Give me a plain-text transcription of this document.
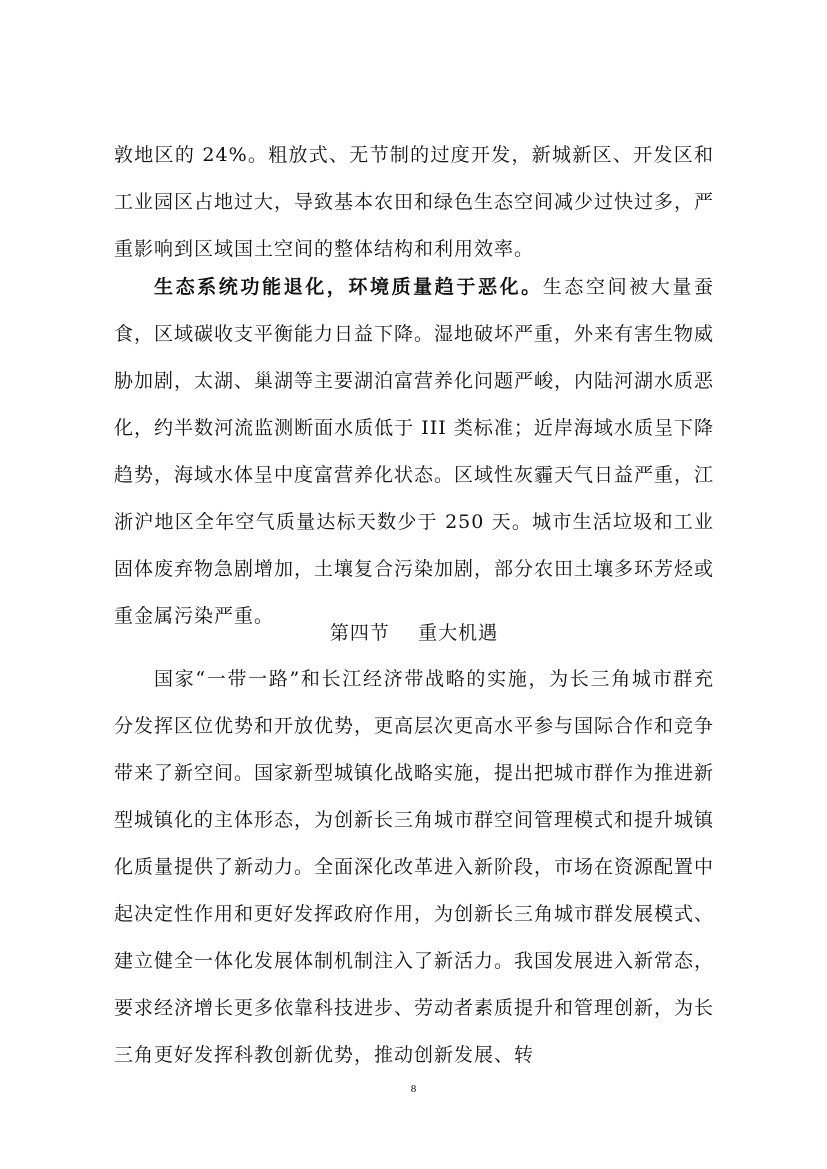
敦地区的 24%。粗放式、无节制的过度开发，新城新区、开发区和工业园区占地过大，导致基本农田和绿色生态空间减少过快过多，严重影响到区域国土空间的整体结构和利用效率。

生态系统功能退化，环境质量趋于恶化。生态空间被大量蚕食，区域碳收支平衡能力日益下降。湿地破坏严重，外来有害生物威胁加剧，太湖、巢湖等主要湖泊富营养化问题严峻，内陆河湖水质恶化，约半数河流监测断面水质低于 III 类标准；近岸海域水质呈下降趋势，海域水体呈中度富营养化状态。区域性灰霾天气日益严重，江浙沪地区全年空气质量达标天数少于 250 天。城市生活垃圾和工业固体废弃物急剧增加，土壤复合污染加剧，部分农田土壤多环芳烃或重金属污染严重。

第四节 重大机遇

国家“一带一路”和长江经济带战略的实施，为长三角城市群充分发挥区位优势和开放优势，更高层次更高水平参与国际合作和竞争带来了新空间。国家新型城镇化战略实施，提出把城市群作为推进新型城镇化的主体形态，为创新长三角城市群空间管理模式和提升城镇化质量提供了新动力。全面深化改革进入新阶段，市场在资源配置中起决定性作用和更好发挥政府作用，为创新长三角城市群发展模式、建立健全一体化发展体制机制注入了新活力。我国发展进入新常态，要求经济增长更多依靠科技进步、劳动者素质提升和管理创新，为长三角更好发挥科教创新优势，推动创新发展、转

8
